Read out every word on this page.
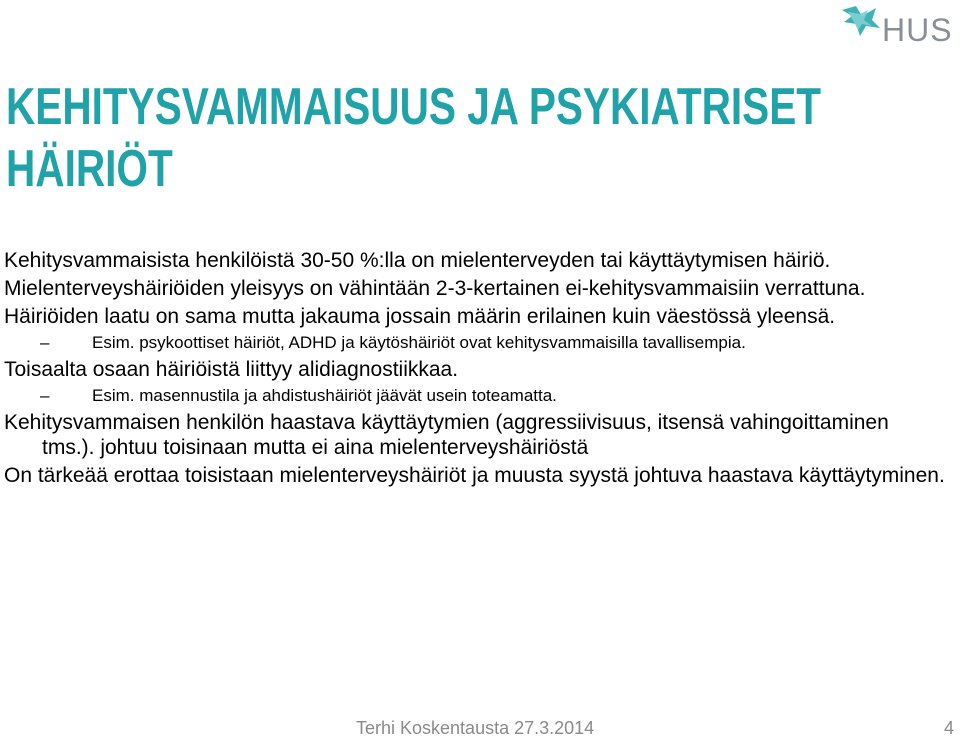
HUS
KEHITYSVAMMAISUUS JA PSYKIATRISET
HÄIRIÖT

Kehitysvammaisista henkilöistä 30-50 %:lla on mielenterveyden tai käyttäytymisen häiriö.

Mielenterveyshäiriöiden yleisyys on vähintään 2-3-kertainen ei-kehitysvammaisiin verrattuna.

Häiriöiden laatu on sama mutta jakauma jossain määrin erilainen kuin väestössä yleensä.

–	Esim. psykoottiset häiriöt, ADHD ja käytöshäiriöt ovat kehitysvammaisilla tavallisempia.

Toisaalta osaan häiriöistä liittyy alidiagnostiikkaa.

–	Esim. masennustila ja ahdistushäiriöt jäävät usein toteamatta.

Kehitysvammaisen henkilön haastava käyttäytymien (aggressiivisuus, itsensä vahingoittaminen tms.). johtuu toisinaan mutta ei aina mielenterveyshäiriöstä

On tärkeää erottaa toisistaan mielenterveyshäiriöt ja muusta syystä johtuva haastava käyttäytyminen.

Terhi Koskentausta 27.3.2014	4
